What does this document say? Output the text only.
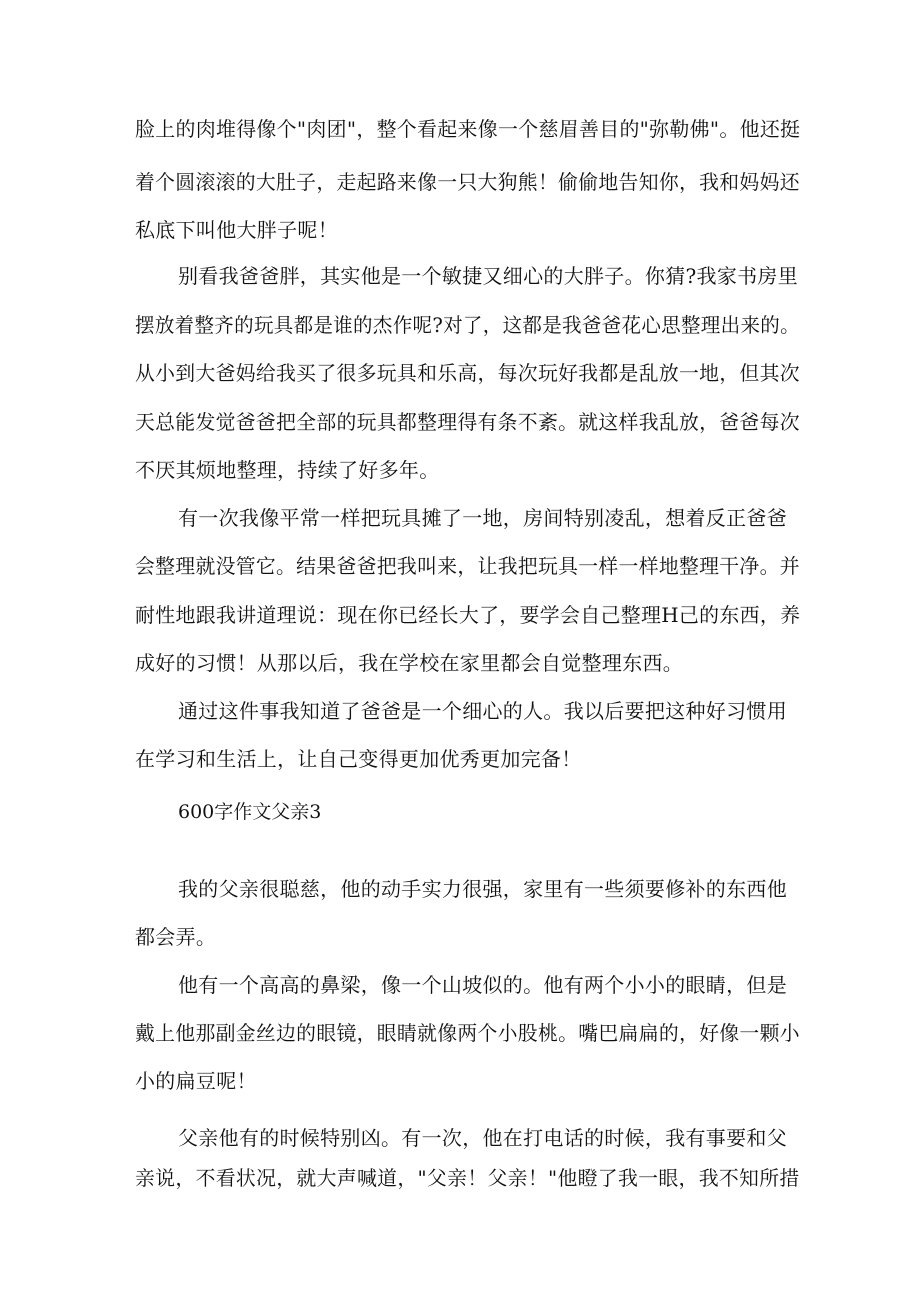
脸上的肉堆得像个"肉团"，整个看起来像一个慈眉善目的"弥勒佛"。他还挺
着个圆滚滚的大肚子，走起路来像一只大狗熊！偷偷地告知你，我和妈妈还
私底下叫他大胖子呢！
别看我爸爸胖，其实他是一个敏捷又细心的大胖子。你猜?我家书房里
摆放着整齐的玩具都是谁的杰作呢?对了，这都是我爸爸花心思整理出来的。
从小到大爸妈给我买了很多玩具和乐高，每次玩好我都是乱放一地，但其次
天总能发觉爸爸把全部的玩具都整理得有条不紊。就这样我乱放，爸爸每次
不厌其烦地整理，持续了好多年。
有一次我像平常一样把玩具摊了一地，房间特别凌乱，想着反正爸爸
会整理就没管它。结果爸爸把我叫来，让我把玩具一样一样地整理干净。并
耐性地跟我讲道理说：现在你已经长大了，要学会自己整理H己的东西，养
成好的习惯！从那以后，我在学校在家里都会自觉整理东西。
通过这件事我知道了爸爸是一个细心的人。我以后要把这种好习惯用
在学习和生活上，让自己变得更加优秀更加完备！
600字作文父亲3
我的父亲很聪慈，他的动手实力很强，家里有一些须要修补的东西他
都会弄。
他有一个高高的鼻梁，像一个山坡似的。他有两个小小的眼睛，但是
戴上他那副金丝边的眼镜，眼睛就像两个小股桃。嘴巴扁扁的，好像一颗小
小的扁豆呢！
父亲他有的时候特别凶。有一次，他在打电话的时候，我有事要和父
亲说，不看状况，就大声喊道，"父亲！父亲！"他瞪了我一眼，我不知所措
